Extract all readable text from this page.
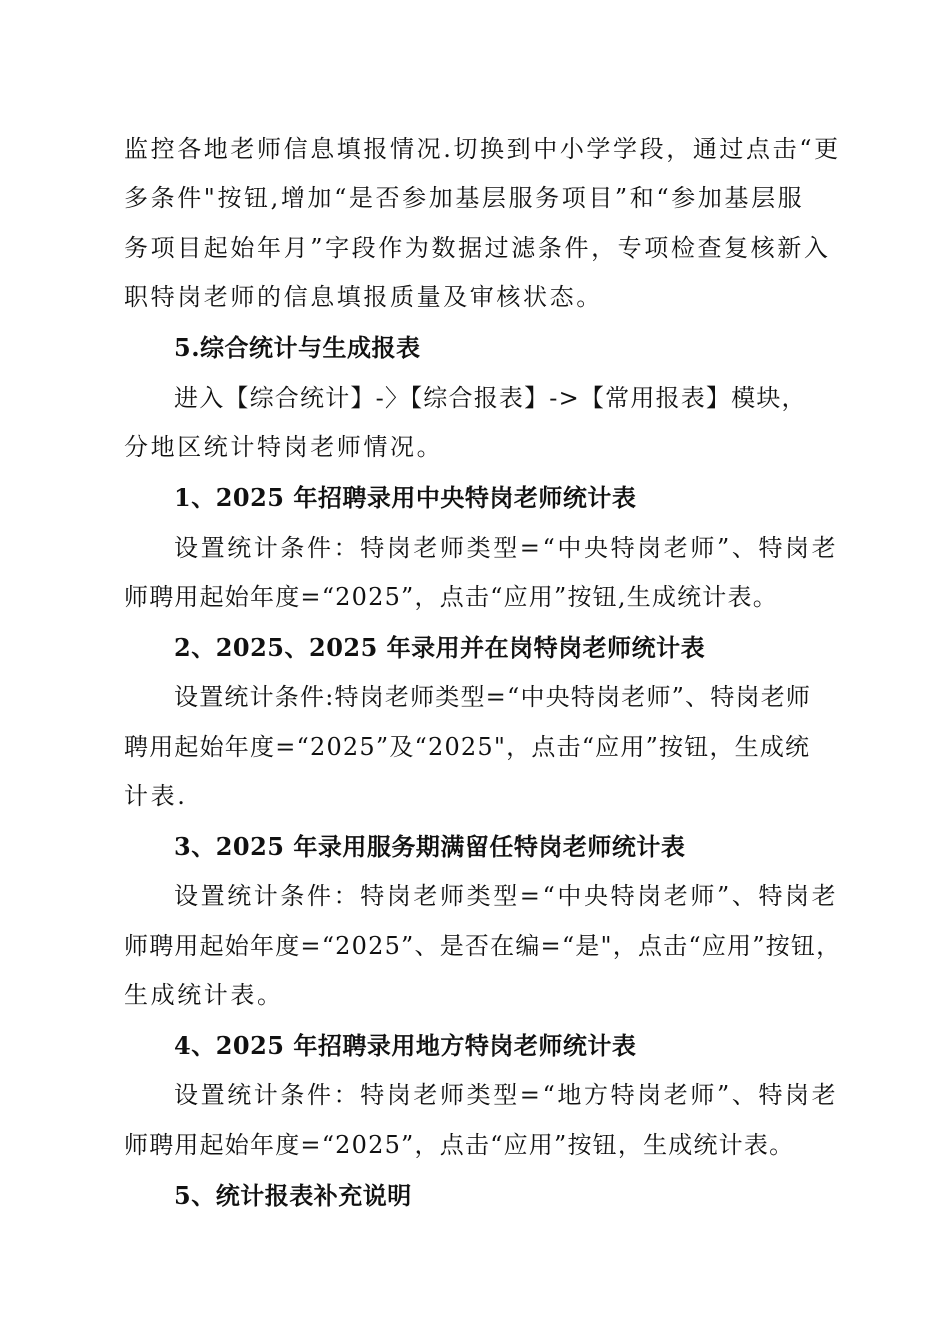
监控各地老师信息填报情况.切换到中小学学段，通过点击“更
多条件"按钮,增加“是否参加基层服务项目”和“参加基层服
务项目起始年月”字段作为数据过滤条件，专项检查复核新入
职特岗老师的信息填报质量及审核状态。
5.综合统计与生成报表
进入【综合统计】-〉【综合报表】->【常用报表】模块，
分地区统计特岗老师情况。
1、2025 年招聘录用中央特岗老师统计表
设置统计条件：特岗老师类型=“中央特岗老师”、特岗老
师聘用起始年度=“2025”，点击“应用”按钮,生成统计表。
2、2025、2025 年录用并在岗特岗老师统计表
设置统计条件:特岗老师类型=“中央特岗老师”、特岗老师
聘用起始年度=“2025”及“2025"，点击“应用”按钮，生成统
计表.
3、2025 年录用服务期满留任特岗老师统计表
设置统计条件：特岗老师类型=“中央特岗老师”、特岗老
师聘用起始年度=“2025”、是否在编=“是"，点击“应用”按钮，
生成统计表。
4、2025 年招聘录用地方特岗老师统计表
设置统计条件：特岗老师类型=“地方特岗老师”、特岗老
师聘用起始年度=“2025”，点击“应用”按钮，生成统计表。
5、统计报表补充说明
